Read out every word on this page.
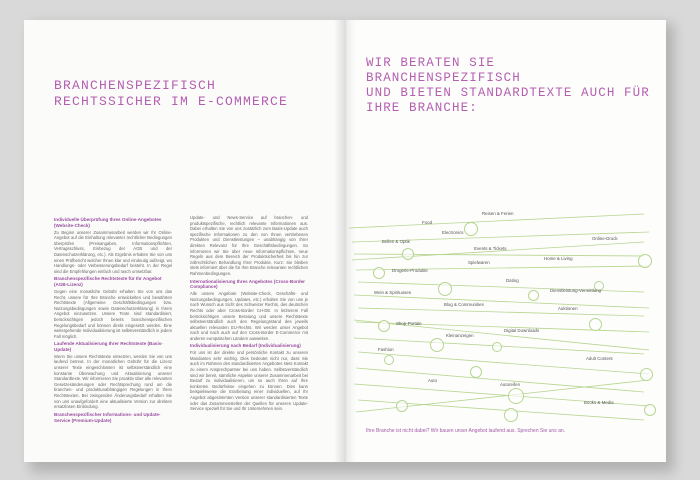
BRANCHENSPEZIFISCH
RECHTSSICHER IM E-COMMERCE
Individuelle Überprüfung Ihres Online-Angebotes (Website-Check)

Zu Beginn unserer Zusammenarbeit werden wir Ihr Online-Angebot auf die Einhaltung relevanter rechtlicher Bedingungen überprüfen (Preisangaben, Informationspflichten, Vertragsschluss, Einbezug der AGB und der Datenschutzerklärung, etc.). Als Ergebnis erhalten Sie von uns einen Prüfbericht welcher Ihnen klar und eindeutig aufzeigt, wo Handlungs- oder Verbesserungsbedarf besteht. In der Regel sind die Empfehlungen einfach und rasch umsetzbar.

Branchenspezifische Rechtstexte für Ihr Angebot (AGB-Lizenz)

Gegen eine monatliche Gebühr erhalten Sie von uns das Recht, unsere für Ihre Branche entwickelten und bewährten Rechtstexte (Allgemeine Geschäftsbedingungen bzw. Nutzungsbedingungen sowie Datenschutzerklärung) in Ihrem Angebot einzusetzen. Unsere Texte sind standardisiert, berücksichtigen jedoch bereits branchenspezifischen Regelungsbedarf und können direkt eingesetzt werden. Eine weitergehende Individualisierung ist selbstverständlich in jedem Fall möglich.

Laufende Aktualisierung Ihrer Rechtstexte (Basis-Update)

Wenn Sie unsere Rechtstexte einsetzen, werden Sie von uns laufend betreut. In der monatlichen Gebühr für die Lizenz unserer Texte eingeschlossen ist selbstverständlich eine konstante Überwachung und Aktualisierung unserer Standardtexte. Wir informieren Sie proaktiv über alle relevanten Gesetzesänderungen oder Rechtsprechung rund um die branchen- und produktunabhängigen Regelungen in Ihren Rechtstexten. Bei zwingenden Änderungsbedarf erhalten Sie von uns unaufgefordert eine aktualisierte Version zur direkten ersatzlosen Einbindung.

Branchenspezifischer Informations- und Update-Service (Premium-Update)

Update- und News-Service auf branchen- und produktspezifische, rechtlich relevante Informationen aus. Dabei erhalten Sie von uns zusätzlich zum Basis-Update auch spezifische Informationen zu den von Ihnen vertriebenen Produkten und Dienstleistungen – unabhängig von Ihrer direkten Relevanz für Ihre Geschäftsbedingungen. So informieren wir Sie über neue Informationspflichten, neue Regeln aus dem Bereich der Produktsicherheit bis hin zur zollrechtlichen Behandlung Ihrer Produkte. Kurz: Sie bleiben stets informiert über die für Ihre Branche relevanten rechtlichen Rahmenbedingungen.

Internationalisierung Ihres Angebotes (Cross-Border Compliance)

Alle unsere Angebote (Website-Check, Geschäfts- und Nutzungsbedingungen, Updates, etc.) erhalten Sie von uns je nach Wunsch aus Sicht des Schweizer Rechts, des deutschen Rechts oder aber Cross-Border CH-DE. In letzterem Fall berücksichtigen unsere Beratung und unsere Rechtstexte selbstverständlich auch den Regelungsstand des jeweils aktuellen relevanten EU-Rechts. Wir werden unser Angebot nach und nach auch auf den Cross-Border E-Commerce mit anderen europäischen Ländern ausweiten.

Individualisierung nach Bedarf (Individualisierung)

Für uns ist der direkte und persönliche Kontakt zu unseren Mandanten sehr wichtig. Dies bedeutet nicht nur, dass Sie auch im Rahmen des standardisierten Angebotes stets Kontakt zu einem Ansprechpartner bei uns haben. Selbstverständlich sind wir bereit, sämtliche Aspekte unserer Zusammenarbeit bei Bedarf zu individualisieren, um so auch Ihren auf Ihre konkreten Bedürfnisse eingehen zu können. Dies kann beispielsweise die Erarbeitung einer individuellen, auf Ihr Angebot abgestimmten Version unserer standardisierten Texte oder das Zusammenstellen der Quellen für unseren Update-Service speziell für Sie und Ihr Unternehmen sein.

WIR BERATEN SIE BRANCHENSPEZIFISCH
UND BIETEN STANDARDTEXTE AUCH FÜR
IHRE BRANCHE:
Reisen & Ferien
Food
Electronics
Online-Druck
Brillen & Optik
Events & Tickets
Home & Living
Spielwaren
Drogerie-Produkte
Dating
Dienstleistung-Vermittlung
Wein & Spirituosen
Blog & Communities
Auktionen
Shop-Portale
Kleinanzeigen
Digital Downloads
Fashion
Adult Content
Auto
Autoreifen
Books & Media
Ihre Branche ist nicht dabei? Wir bauen unser Angebot laufend aus. Sprechen Sie uns an.
